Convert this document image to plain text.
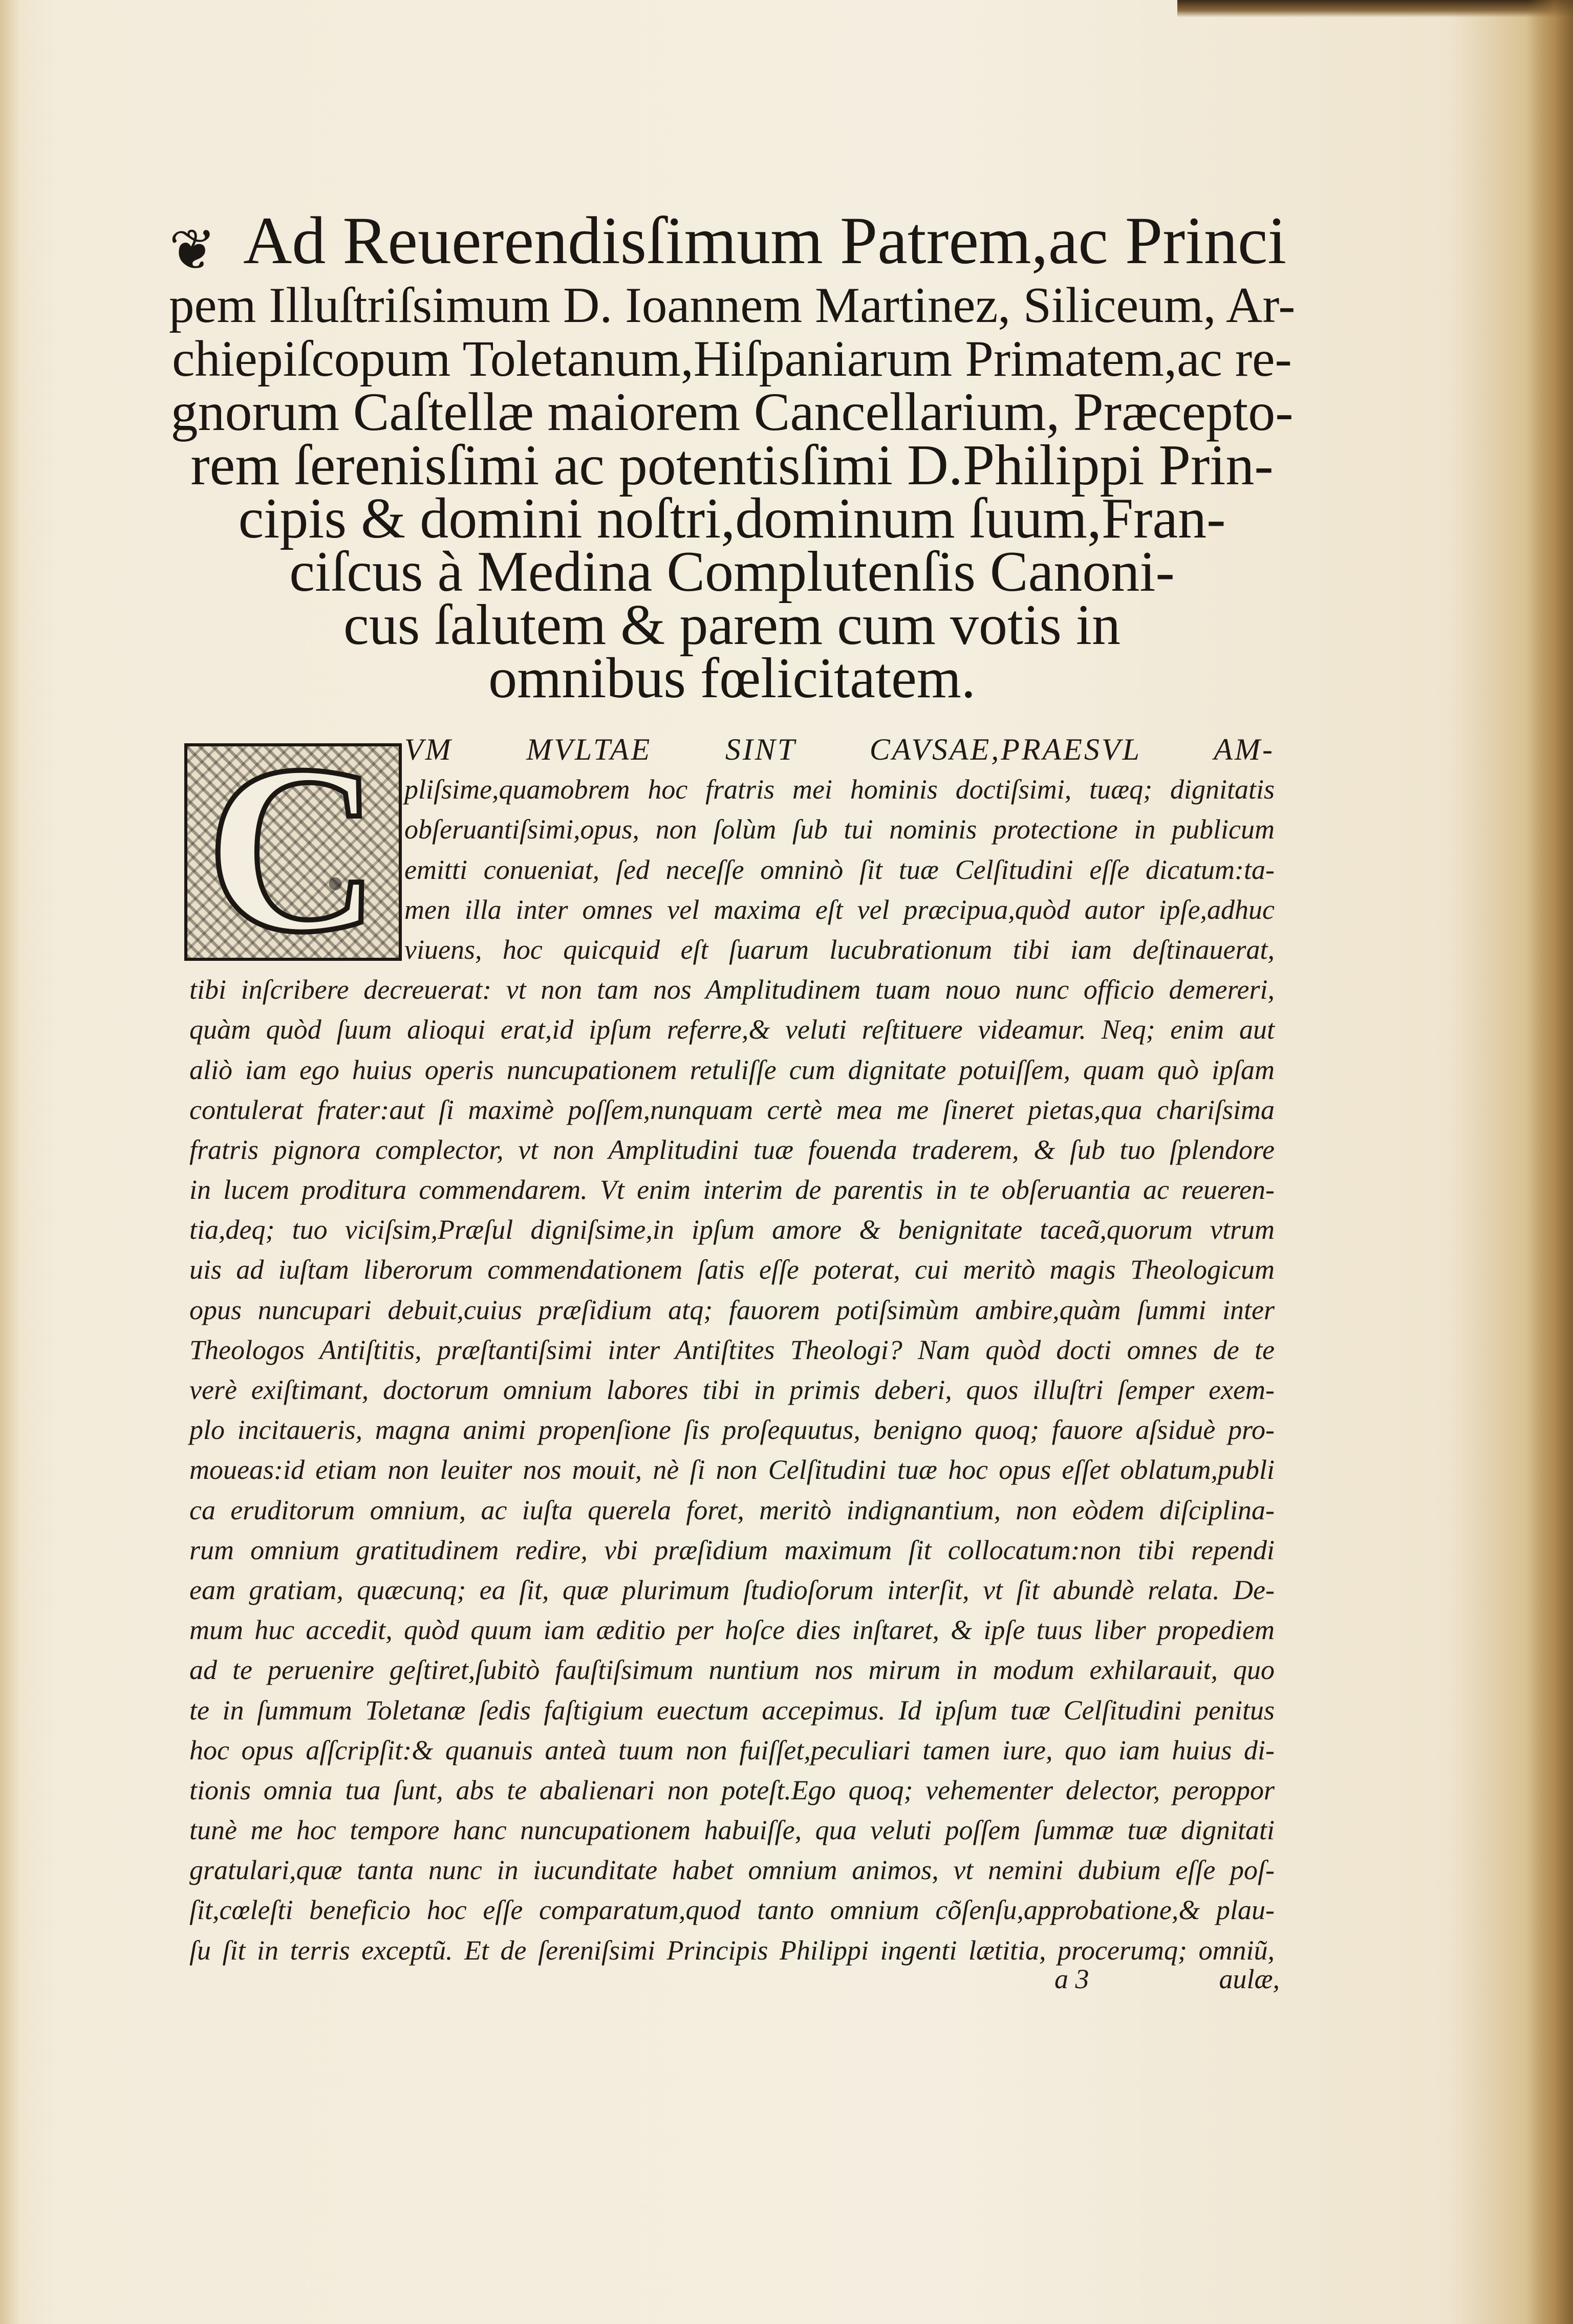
❦ Ad Reuerendisſimum Patrem,ac Princi
pem Illuſtriſsimum D. Ioannem Martinez, Siliceum, Ar-
chiepiſcopum Toletanum,Hiſpaniarum Primatem,ac re-
gnorum Caſtellæ maiorem Cancellarium, Præcepto-
rem ſerenisſimi ac potentisſimi D.Philippi Prin-
cipis & domini noſtri,dominum ſuum,Fran-
ciſcus à Medina Complutenſis Canoni-
cus ſalutem & parem cum votis in
omnibus fœlicitatem.
C VM MVLTAE SINT CAVSAE,PRAESVL AM-
pliſsime,quamobrem hoc fratris mei hominis doctiſsimi, tuæq; dignitatis
obſeruantiſsimi,opus, non ſolùm ſub tui nominis protectione in publicum
emitti conueniat, ſed neceſſe omninò ſit tuæ Celſitudini eſſe dicatum:ta-
men illa inter omnes vel maxima eſt vel præcipua,quòd autor ipſe,adhuc
viuens, hoc quicquid eſt ſuarum lucubrationum tibi iam deſtinauerat,
tibi inſcribere decreuerat: vt non tam nos Amplitudinem tuam nouo nunc officio demereri,
quàm quòd ſuum alioqui erat,id ipſum referre,& veluti reſtituere videamur. Neq; enim aut
aliò iam ego huius operis nuncupationem retuliſſe cum dignitate potuiſſem, quam quò ipſam
contulerat frater:aut ſi maximè poſſem,nunquam certè mea me ſineret pietas,qua chariſsima
fratris pignora complector, vt non Amplitudini tuæ fouenda traderem, & ſub tuo ſplendore
in lucem proditura commendarem. Vt enim interim de parentis in te obſeruantia ac reueren-
tia,deq; tuo viciſsim,Præſul digniſsime,in ipſum amore & benignitate taceã,quorum vtrum
uis ad iuſtam liberorum commendationem ſatis eſſe poterat, cui meritò magis Theologicum
opus nuncupari debuit,cuius præſidium atq; fauorem potiſsimùm ambire,quàm ſummi inter
Theologos Antiſtitis, præſtantiſsimi inter Antiſtites Theologi? Nam quòd docti omnes de te
verè exiſtimant, doctorum omnium labores tibi in primis deberi, quos illuſtri ſemper exem-
plo incitaueris, magna animi propenſione ſis proſequutus, benigno quoq; fauore aſsiduè pro-
moueas:id etiam non leuiter nos mouit, nè ſi non Celſitudini tuæ hoc opus eſſet oblatum,publi
ca eruditorum omnium, ac iuſta querela foret, meritò indignantium, non eòdem diſciplina-
rum omnium gratitudinem redire, vbi præſidium maximum ſit collocatum:non tibi rependi
eam gratiam, quæcunq; ea ſit, quæ plurimum ſtudioſorum interſit, vt ſit abundè relata. De-
mum huc accedit, quòd quum iam æditio per hoſce dies inſtaret, & ipſe tuus liber propediem
ad te peruenire geſtiret,ſubitò fauſtiſsimum nuntium nos mirum in modum exhilarauit, quo
te in ſummum Toletanæ ſedis faſtigium euectum accepimus. Id ipſum tuæ Celſitudini penitus
hoc opus aſſcripſit:& quanuis anteà tuum non fuiſſet,peculiari tamen iure, quo iam huius di-
tionis omnia tua ſunt, abs te abalienari non poteſt.Ego quoq; vehementer delector, peroppor
tunè me hoc tempore hanc nuncupationem habuiſſe, qua veluti poſſem ſummæ tuæ dignitati
gratulari,quæ tanta nunc in iucunditate habet omnium animos, vt nemini dubium eſſe poſ-
ſit,cœleſti beneficio hoc eſſe comparatum,quod tanto omnium cõſenſu,approbatione,& plau-
ſu ſit in terris exceptũ. Et de ſereniſsimi Principis Philippi ingenti lætitia, procerumq; omniũ,
a 3	aulæ,
